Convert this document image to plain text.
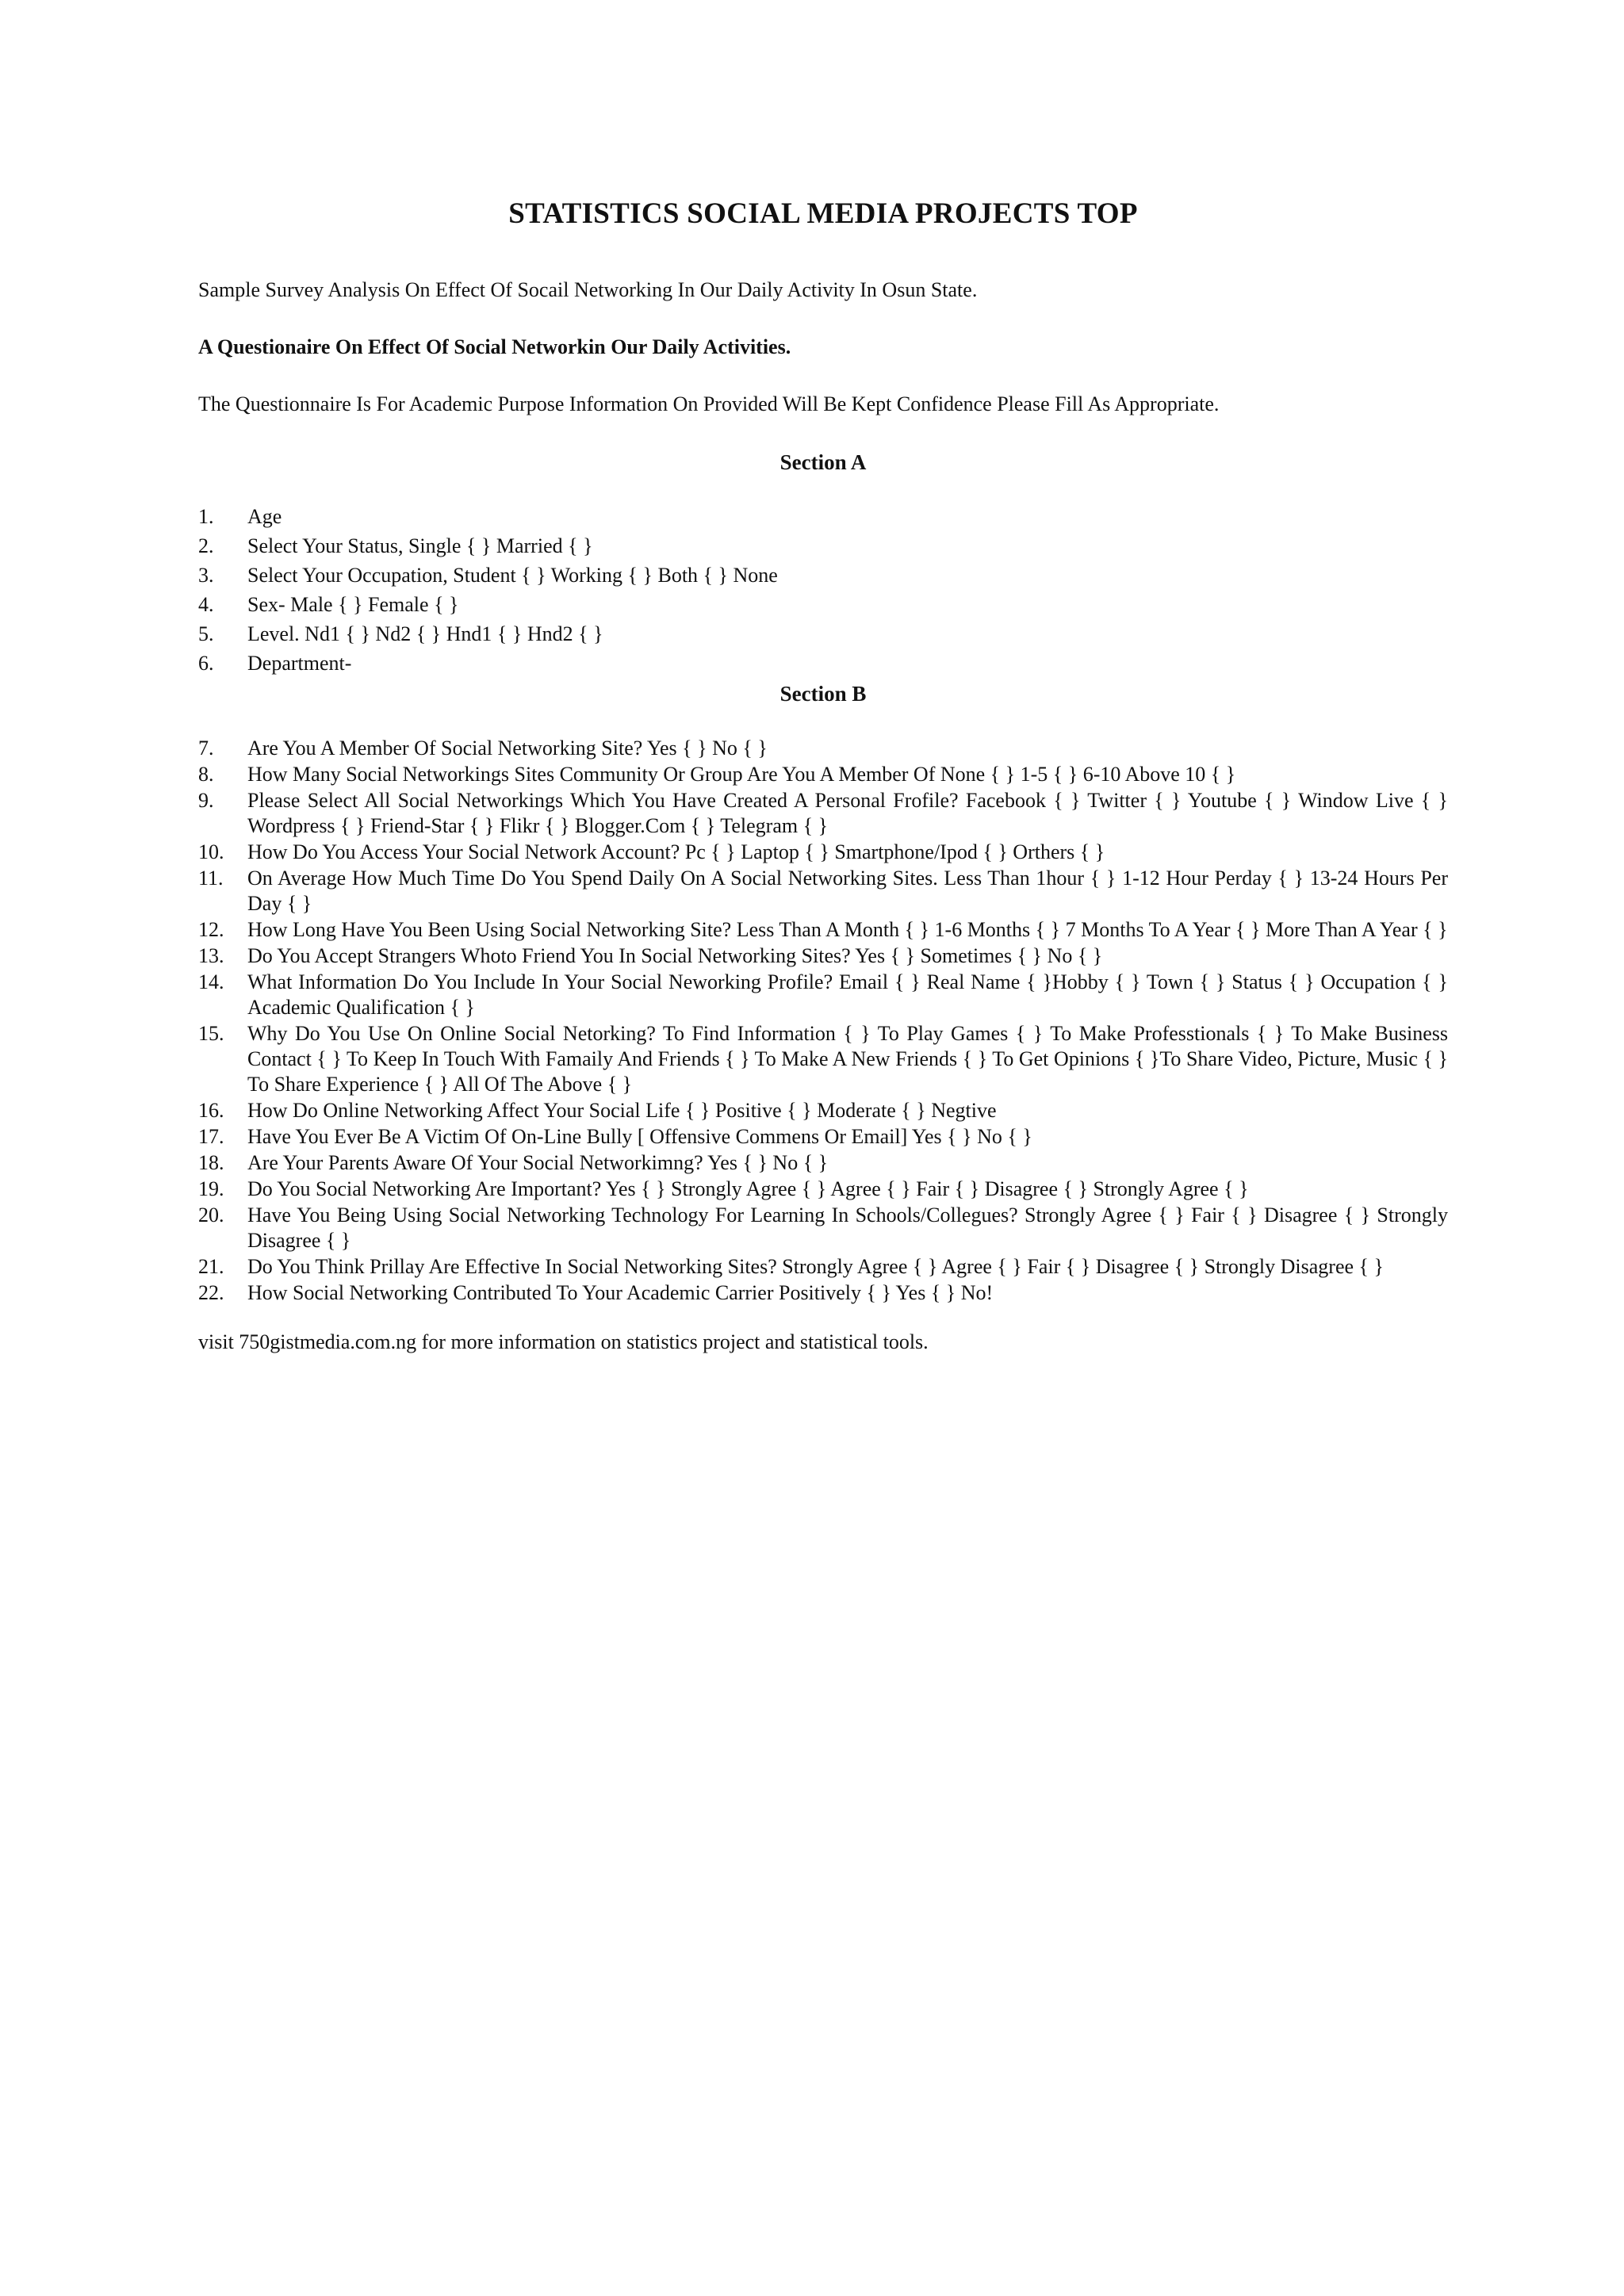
STATISTICS SOCIAL MEDIA PROJECTS TOP

Sample Survey Analysis On Effect Of Socail Networking In Our Daily Activity In Osun State.

A Questionaire On Effect Of Social Networkin Our Daily Activities.

The Questionnaire Is For Academic Purpose Information On Provided Will Be Kept Confidence Please Fill As Appropriate.

Section A
1.	Age
2.	Select Your Status, Single { } Married { }
3.	Select Your Occupation, Student { } Working { } Both { } None
4.	Sex- Male { } Female { }
5.	Level. Nd1 { } Nd2 { } Hnd1 { } Hnd2 { }
6.	Department-
Section B
7.	Are You A Member Of Social Networking Site? Yes { } No { }
8.	How Many Social Networkings Sites Community Or Group Are You A Member Of None { } 1-5 { } 6-10 Above 10 { }
9.	Please Select All Social Networkings Which You Have Created A Personal Frofile? Facebook { } Twitter { } Youtube { } Window Live { } Wordpress { } Friend-Star { } Flikr { } Blogger.Com { } Telegram { }
10.	How Do You Access Your Social Network Account? Pc { } Laptop { } Smartphone/Ipod { } Orthers { }
11.	On Average How Much Time Do You Spend Daily On A Social Networking Sites. Less Than 1hour { } 1-12 Hour Perday { } 13-24 Hours Per Day { }
12.	How Long Have You Been Using Social Networking Site? Less Than A Month { } 1-6 Months { } 7 Months To A Year { } More Than A Year { }
13.	Do You Accept Strangers Whoto Friend You In Social Networking Sites? Yes { } Sometimes { } No { }
14.	What Information Do You Include In Your Social Neworking Profile? Email { } Real Name { }Hobby { } Town { } Status { } Occupation { } Academic Qualification { }
15.	Why Do You Use On Online Social Netorking? To Find Information { } To Play Games { } To Make Professtionals { } To Make Business Contact { } To Keep In Touch With Famaily And Friends { } To Make A New Friends { } To Get Opinions { }To Share Video, Picture, Music { } To Share Experience { } All Of The Above { }
16.	How Do Online Networking Affect Your Social Life { } Positive { } Moderate { } Negtive
17.	Have You Ever Be A Victim Of On-Line Bully [ Offensive Commens Or Email] Yes { } No { }
18.	Are Your Parents Aware Of Your Social Networkimng? Yes { } No { }
19.	Do You Social Networking Are Important? Yes { } Strongly Agree { } Agree { } Fair { } Disagree { } Strongly Agree { }
20.	Have You Being Using Social Networking Technology For Learning In Schools/Collegues? Strongly Agree { } Fair { } Disagree { } Strongly Disagree { }
21.	Do You Think Prillay Are Effective In Social Networking Sites? Strongly Agree { } Agree { } Fair { } Disagree { } Strongly Disagree { }
22.	How Social Networking Contributed To Your Academic Carrier Positively { } Yes { } No!

visit 750gistmedia.com.ng for more information on statistics project and statistical tools.
